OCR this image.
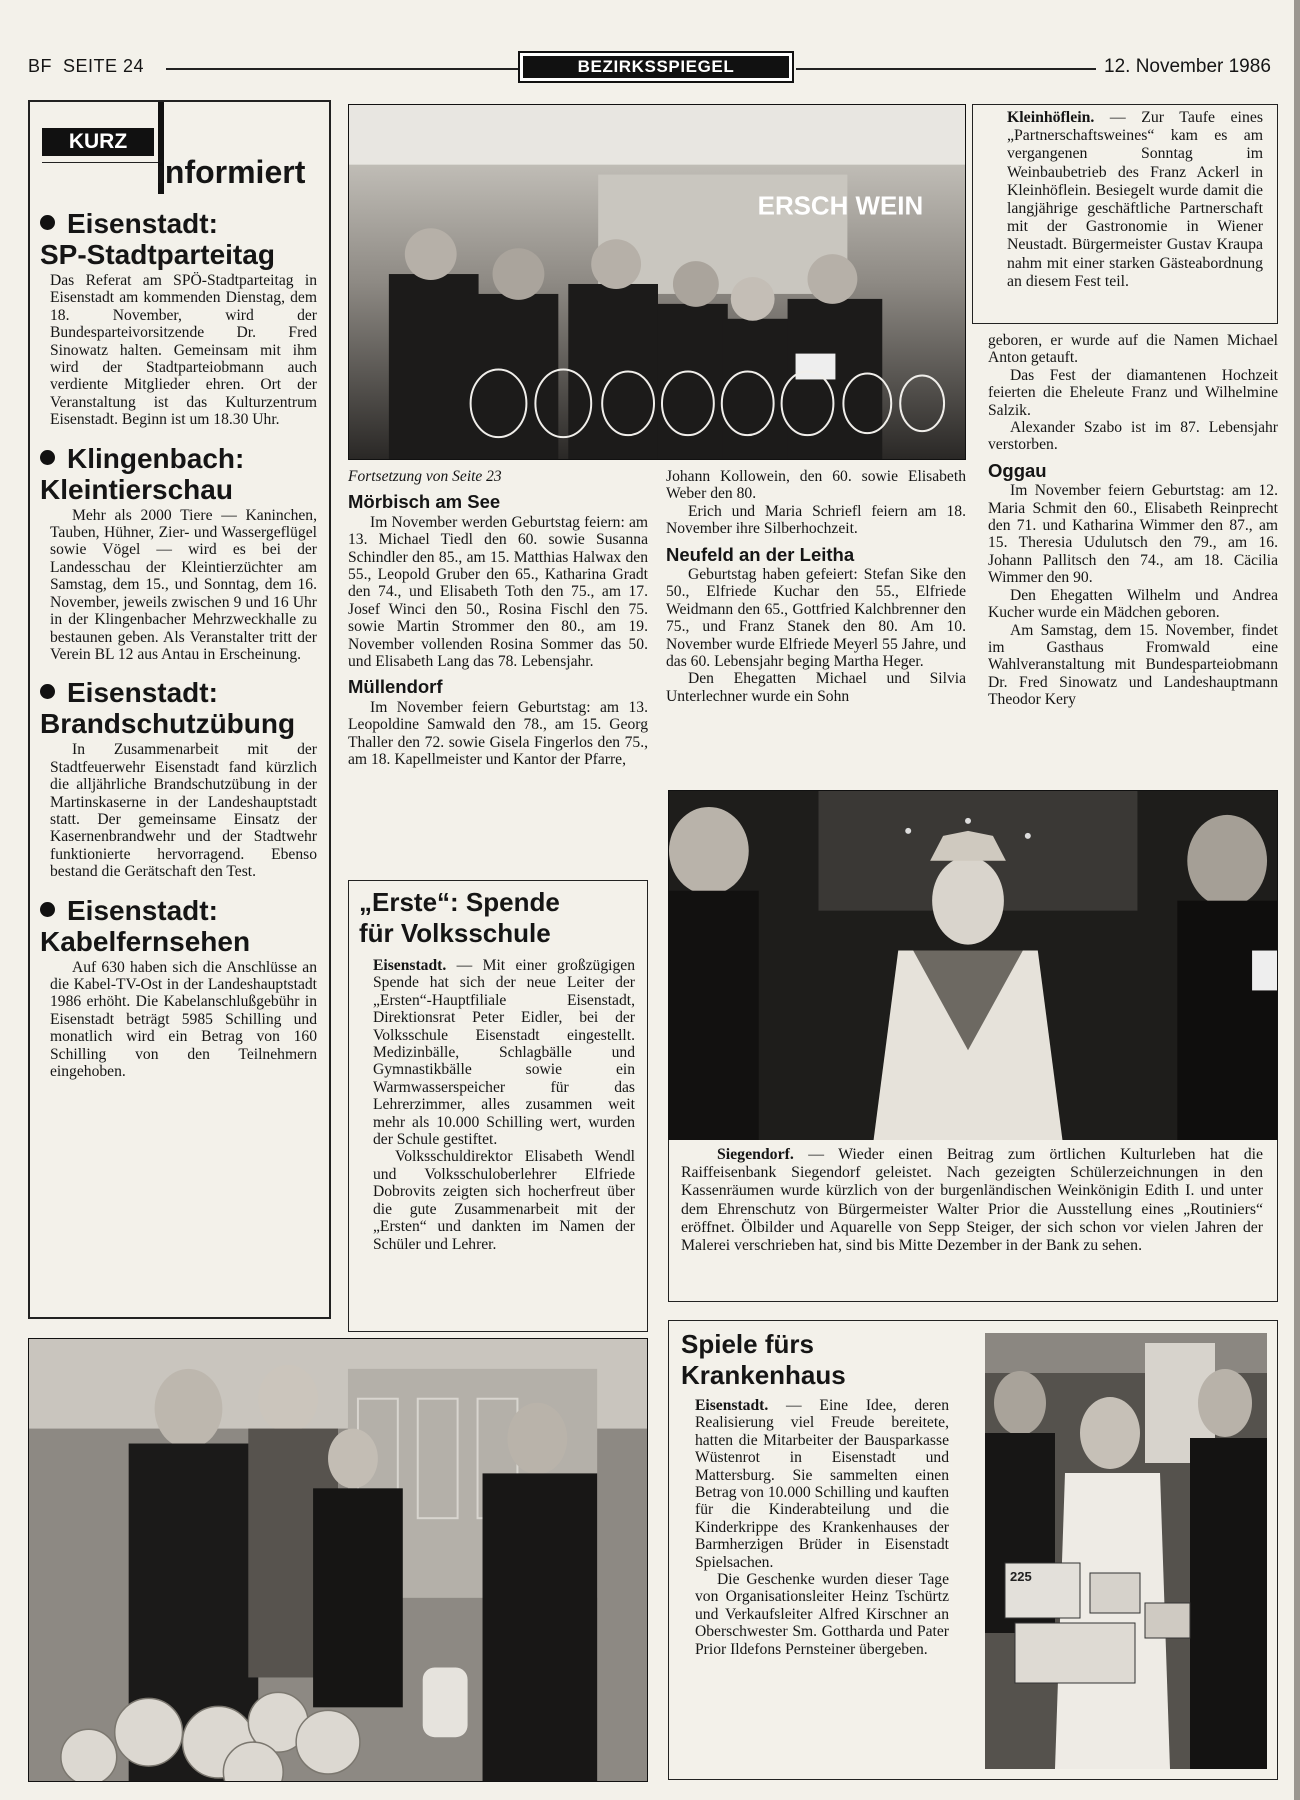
BF  SEITE 24	BEZIRKSSPIEGEL	12. November 1986
KURZ
informiert
Eisenstadt:
SP-Stadtparteitag

Das Referat am SPÖ-Stadtparteitag in Eisenstadt am kommenden Dienstag, dem 18. November, wird der Bundesparteivorsitzende Dr. Fred Sinowatz halten. Gemeinsam mit ihm wird der Stadtparteiobmann auch verdiente Mitglieder ehren. Ort der Veranstaltung ist das Kulturzentrum Eisenstadt. Beginn ist um 18.30 Uhr.

Klingenbach:
Kleintierschau

Mehr als 2000 Tiere — Kaninchen, Tauben, Hühner, Zier- und Wassergeflügel sowie Vögel — wird es bei der Landesschau der Kleintierzüchter am Samstag, dem 15., und Sonntag, dem 16. November, jeweils zwischen 9 und 16 Uhr in der Klingenbacher Mehrzweckhalle zu bestaunen geben. Als Veranstalter tritt der Verein BL 12 aus Antau in Erscheinung.

Eisenstadt:
Brandschutzübung

In Zusammenarbeit mit der Stadtfeuerwehr Eisenstadt fand kürzlich die alljährliche Brandschutzübung in der Martinskaserne in der Landeshauptstadt statt. Der gemeinsame Einsatz der Kasernenbrandwehr und der Stadtwehr funktionierte hervorragend. Ebenso bestand die Gerätschaft den Test.

Eisenstadt:
Kabelfernsehen

Auf 630 haben sich die Anschlüsse an die Kabel-TV-Ost in der Landeshauptstadt 1986 erhöht. Die Kabelanschlußgebühr in Eisenstadt beträgt 5985 Schilling und monatlich wird ein Betrag von 160 Schilling von den Teilnehmern eingehoben.

ERSCH WEIN
Kleinhöflein. — Zur Taufe eines „Partnerschaftsweines“ kam es am vergangenen Sonntag im Weinbaubetrieb des Franz Ackerl in Kleinhöflein. Besiegelt wurde damit die langjährige geschäftliche Partnerschaft mit der Gastronomie in Wiener Neustadt. Bürgermeister Gustav Kraupa nahm mit einer starken Gästeabordnung an diesem Fest teil.

Fortsetzung von Seite 23

Mörbisch am See

Im November werden Geburtstag feiern: am 13. Michael Tiedl den 60. sowie Susanna Schindler den 85., am 15. Matthias Halwax den 55., Leopold Gruber den 65., Katharina Gradt den 74., und Elisabeth Toth den 75., am 17. Josef Winci den 50., Rosina Fischl den 75. sowie Martin Strommer den 80., am 19. November vollenden Rosina Sommer das 50. und Elisabeth Lang das 78. Lebensjahr.

Müllendorf

Im November feiern Geburtstag: am 13. Leopoldine Samwald den 78., am 15. Georg Thaller den 72. sowie Gisela Fingerlos den 75., am 18. Kapellmeister und Kantor der Pfarre,

Johann Kollowein, den 60. sowie Elisabeth Weber den 80.

Erich und Maria Schriefl feiern am 18. November ihre Silberhochzeit.

Neufeld an der Leitha

Geburtstag haben gefeiert: Stefan Sike den 50., Elfriede Kuchar den 55., Elfriede Weidmann den 65., Gottfried Kalchbrenner den 75., und Franz Stanek den 80. Am 10. November wurde Elfriede Meyerl 55 Jahre, und das 60. Lebensjahr beging Martha Heger.

Den Ehegatten Michael und Silvia Unterlechner wurde ein Sohn

geboren, er wurde auf die Namen Michael Anton getauft.

Das Fest der diamantenen Hochzeit feierten die Eheleute Franz und Wilhelmine Salzik.

Alexander Szabo ist im 87. Lebensjahr verstorben.

Oggau

Im November feiern Geburtstag: am 12. Maria Schmit den 60., Elisabeth Reinprecht den 71. und Katharina Wimmer den 87., am 15. Theresia Udulutsch den 79., am 16. Johann Pallitsch den 74., am 18. Cäcilia Wimmer den 90.

Den Ehegatten Wilhelm und Andrea Kucher wurde ein Mädchen geboren.

Am Samstag, dem 15. November, findet im Gasthaus Fromwald eine Wahlveranstaltung mit Bundesparteiobmann Dr. Fred Sinowatz und Landeshauptmann Theodor Kery

„Erste“: Spende
für Volksschule

Eisenstadt. — Mit einer großzügigen Spende hat sich der neue Leiter der „Ersten“-Hauptfiliale Eisenstadt, Direktionsrat Peter Eidler, bei der Volksschule Eisenstadt eingestellt. Medizinbälle, Schlagbälle und Gymnastikbälle sowie ein Warmwasserspeicher für das Lehrerzimmer, alles zusammen weit mehr als 10.000 Schilling wert, wurden der Schule gestiftet.

Volksschuldirektor Elisabeth Wendl und Volksschuloberlehrer Elfriede Dobrovits zeigten sich hocherfreut über die gute Zusammenarbeit mit der „Ersten“ und dankten im Namen der Schüler und Lehrer.

Siegendorf. — Wieder einen Beitrag zum örtlichen Kulturleben hat die Raiffeisenbank Siegendorf geleistet. Nach gezeigten Schülerzeichnungen in den Kassenräumen wurde kürzlich von der burgenländischen Weinkönigin Edith I. und unter dem Ehrenschutz von Bürgermeister Walter Prior die Ausstellung eines „Routiniers“ eröffnet. Ölbilder und Aquarelle von Sepp Steiger, der sich schon vor vielen Jahren der Malerei verschrieben hat, sind bis Mitte Dezember in der Bank zu sehen.
Spiele fürs
Krankenhaus

Eisenstadt. — Eine Idee, deren Realisierung viel Freude bereitete, hatten die Mitarbeiter der Bausparkasse Wüstenrot in Eisenstadt und Mattersburg. Sie sammelten einen Betrag von 10.000 Schilling und kauften für die Kinderabteilung und die Kinderkrippe des Krankenhauses der Barmherzigen Brüder in Eisenstadt Spielsachen.

Die Geschenke wurden dieser Tage von Organisationsleiter Heinz Tschürtz und Verkaufsleiter Alfred Kirschner an Oberschwester Sm. Gottharda und Pater Prior Ildefons Pernsteiner übergeben.

225
